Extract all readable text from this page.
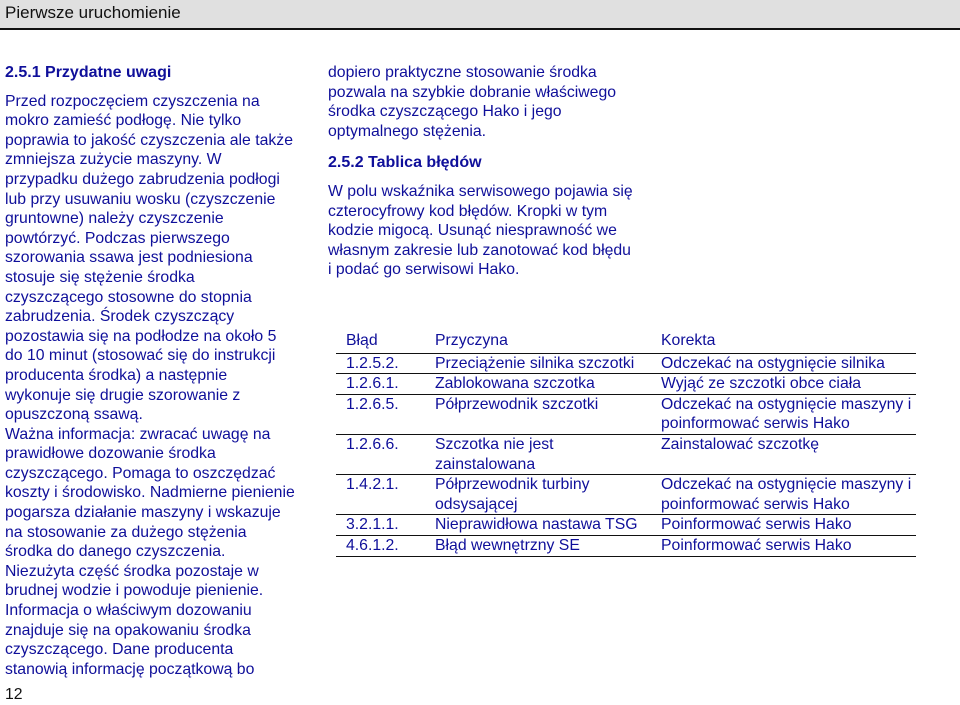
Pierwsze uruchomienie

2.5.1 Przydatne uwagi

Przed rozpoczęciem czyszczenia na mokro zamieść podłogę. Nie tylko poprawia to jakość czyszczenia ale także zmniejsza zużycie maszyny. W przypadku dużego zabrudzenia podłogi lub przy usuwaniu wosku (czyszczenie gruntowne) należy czyszczenie powtórzyć. Podczas pierwszego szorowania ssawa jest podniesiona stosuje się stężenie środka czyszczącego stosowne do stopnia zabrudzenia. Środek czyszczący pozostawia się na podłodze na około 5 do 10 minut (stosować się do instrukcji producenta środka) a następnie wykonuje się drugie szorowanie z opuszczoną ssawą.

Ważna informacja: zwracać uwagę na prawidłowe dozowanie środka czyszczącego. Pomaga to oszczędzać koszty i środowisko. Nadmierne pienienie pogarsza działanie maszyny i wskazuje na stosowanie za dużego stężenia środka do danego czyszczenia. Niezużyta część środka pozostaje w brudnej wodzie i powoduje pienienie. Informacja o właściwym dozowaniu znajduje się na opakowaniu środka czyszczącego. Dane producenta stanowią informację początkową bo

dopiero praktyczne stosowanie środka pozwala na szybkie dobranie właściwego środka czyszczącego Hako i jego optymalnego stężenia.

2.5.2 Tablica błędów

W polu wskaźnika serwisowego pojawia się czterocyfrowy kod błędów. Kropki w tym kodzie migocą. Usunąć niesprawność we własnym zakresie lub zanotować kod błędu i podać go serwisowi Hako.

Błąd	Przyczyna	Korekta
1.2.5.2.	Przeciążenie silnika szczotki	Odczekać na ostygnięcie silnika
1.2.6.1.	Zablokowana szczotka	Wyjąć ze szczotki obce ciała
1.2.6.5.	Półprzewodnik szczotki	Odczekać na ostygnięcie maszyny i poinformować serwis Hako
1.2.6.6.	Szczotka nie jest zainstalowana	Zainstalować szczotkę
1.4.2.1.	Półprzewodnik turbiny odsysającej	Odczekać na ostygnięcie maszyny i poinformować serwis Hako
3.2.1.1.	Nieprawidłowa nastawa TSG	Poinformować serwis Hako
4.6.1.2.	Błąd wewnętrzny SE	Poinformować serwis Hako
12
